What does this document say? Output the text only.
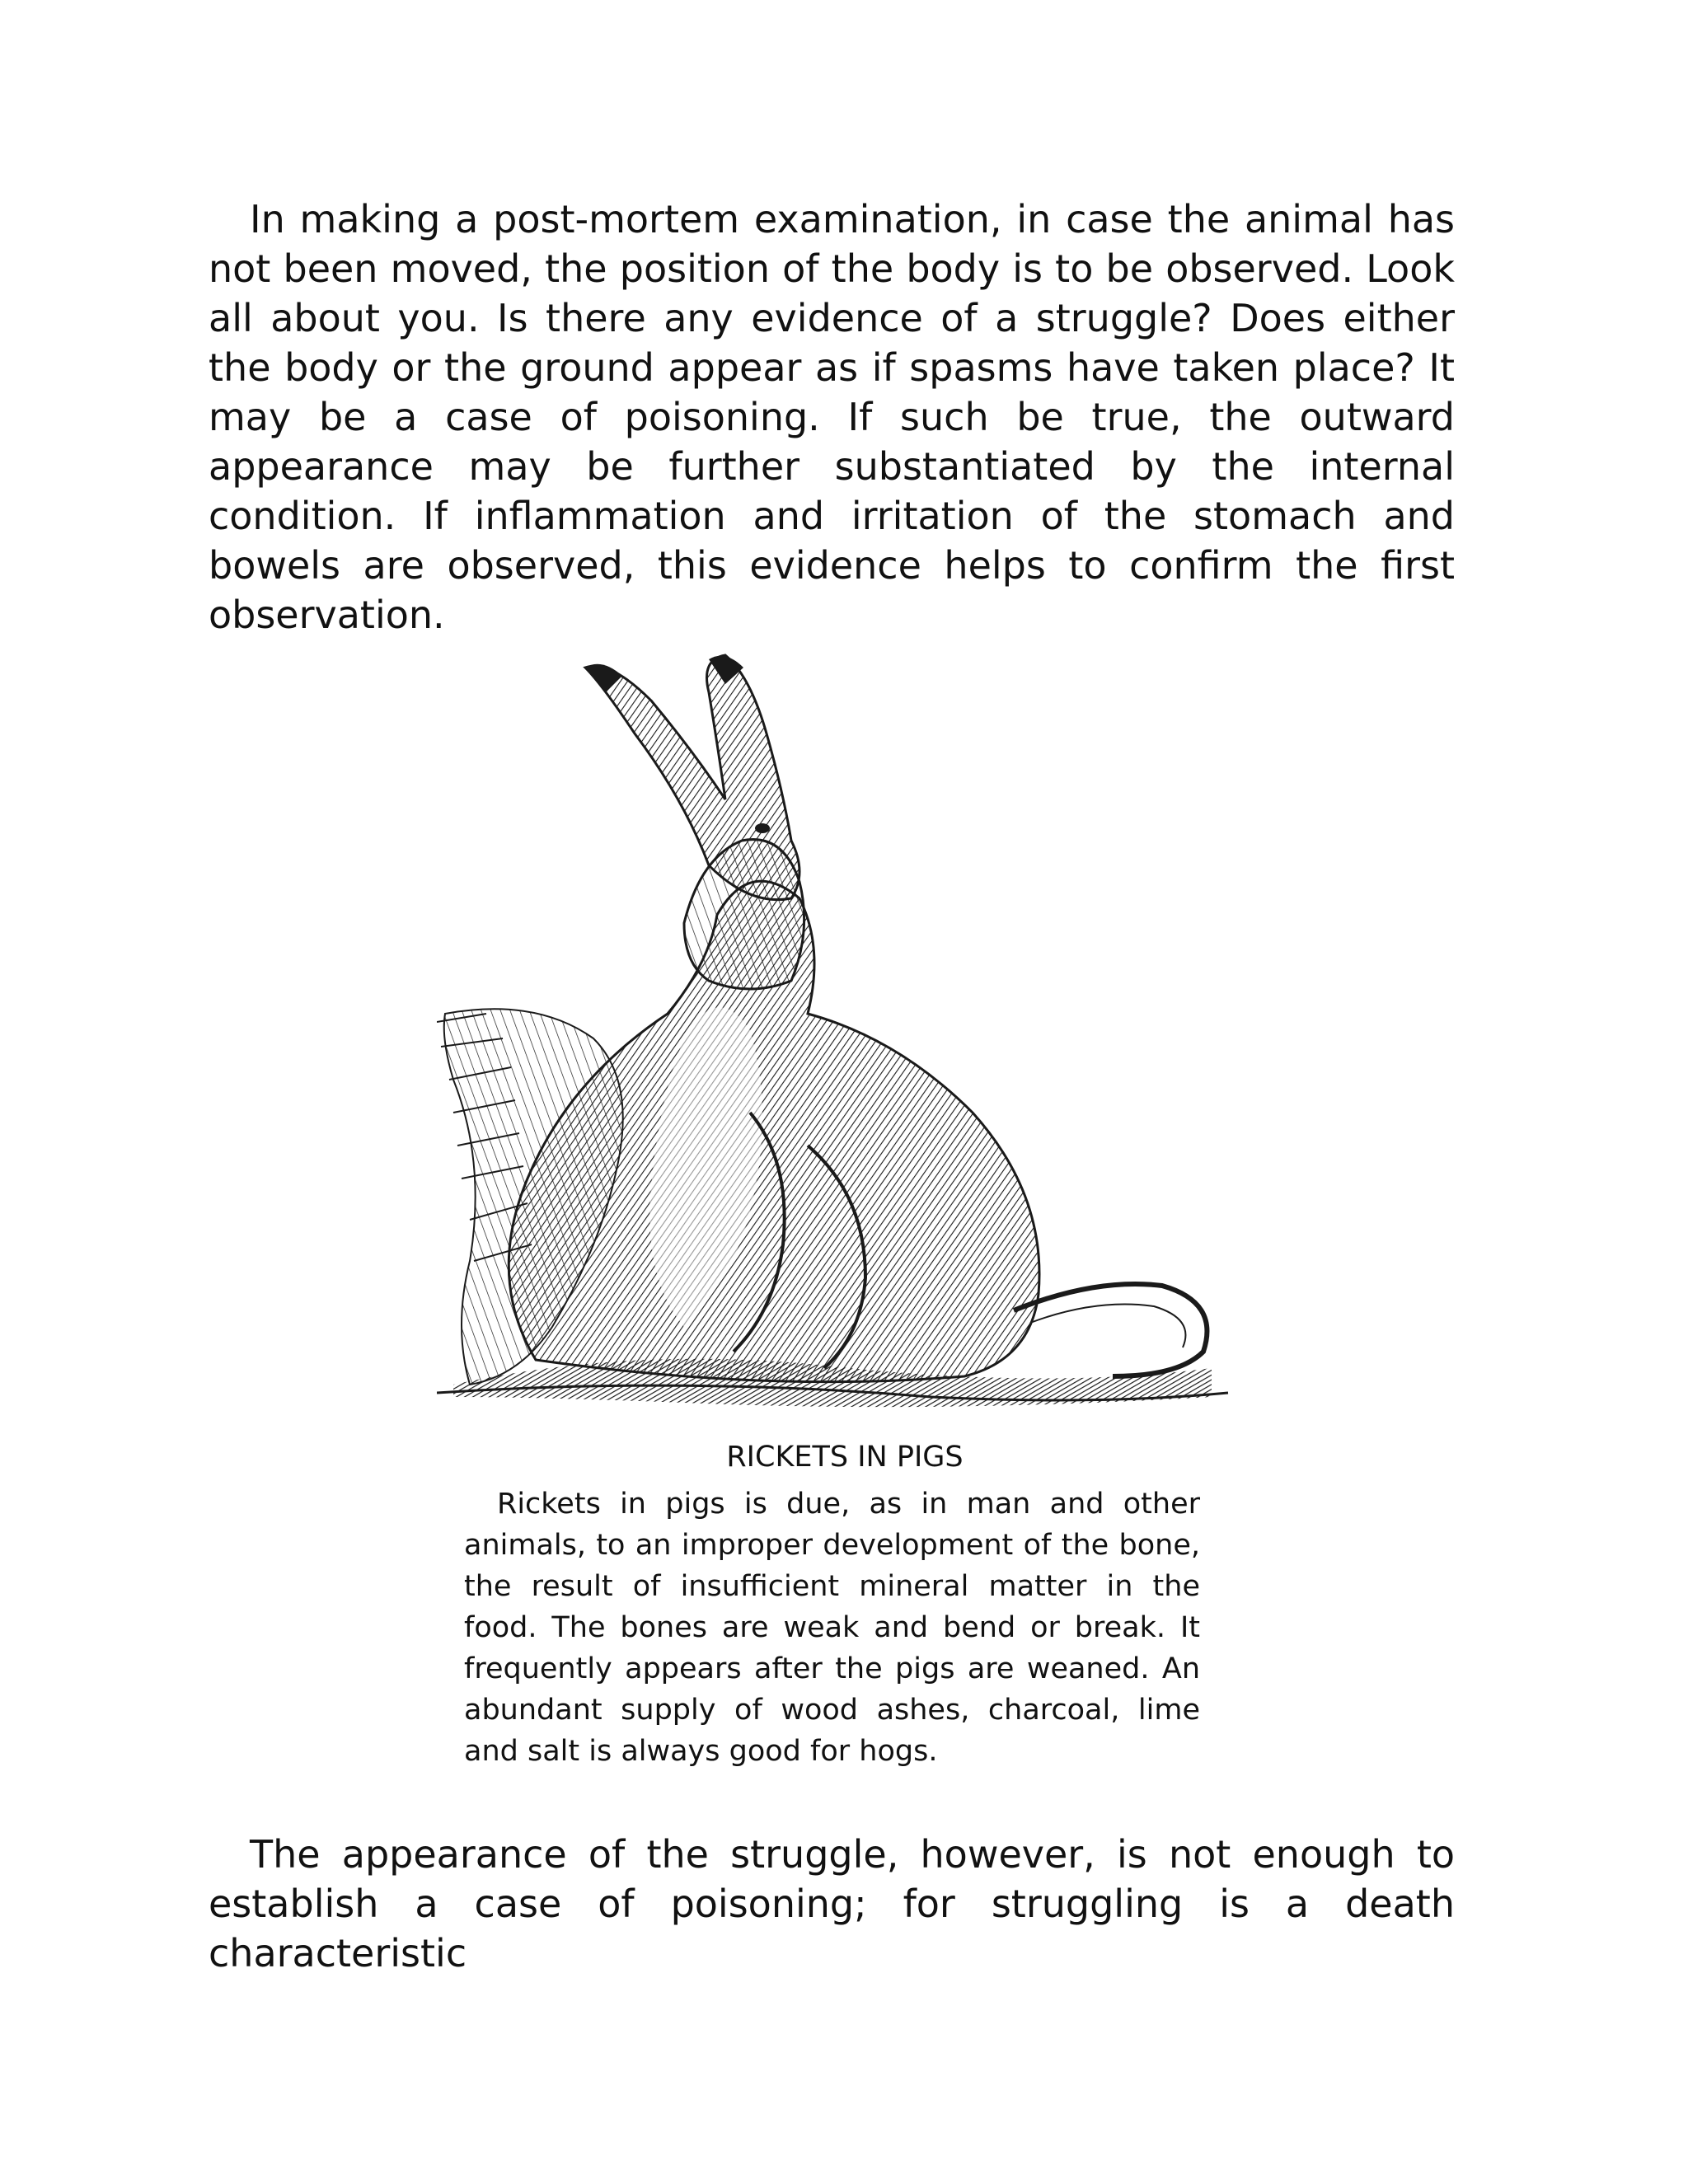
In making a post-mortem examination, in case the animal has not been moved, the position of the body is to be observed. Look all about you. Is there any evidence of a struggle? Does either the body or the ground appear as if spasms have taken place? It may be a case of poisoning. If such be true, the outward appearance may be further substantiated by the internal condition. If inflammation and irritation of the stomach and bowels are observed, this evidence helps to confirm the first observation.

RICKETS IN PIGS

Rickets in pigs is due, as in man and other animals, to an improper development of the bone, the result of insufficient mineral matter in the food. The bones are weak and bend or break. It frequently appears after the pigs are weaned. An abundant supply of wood ashes, charcoal, lime and salt is always good for hogs.

The appearance of the struggle, however, is not enough to establish a case of poisoning; for struggling is a death characteristic
